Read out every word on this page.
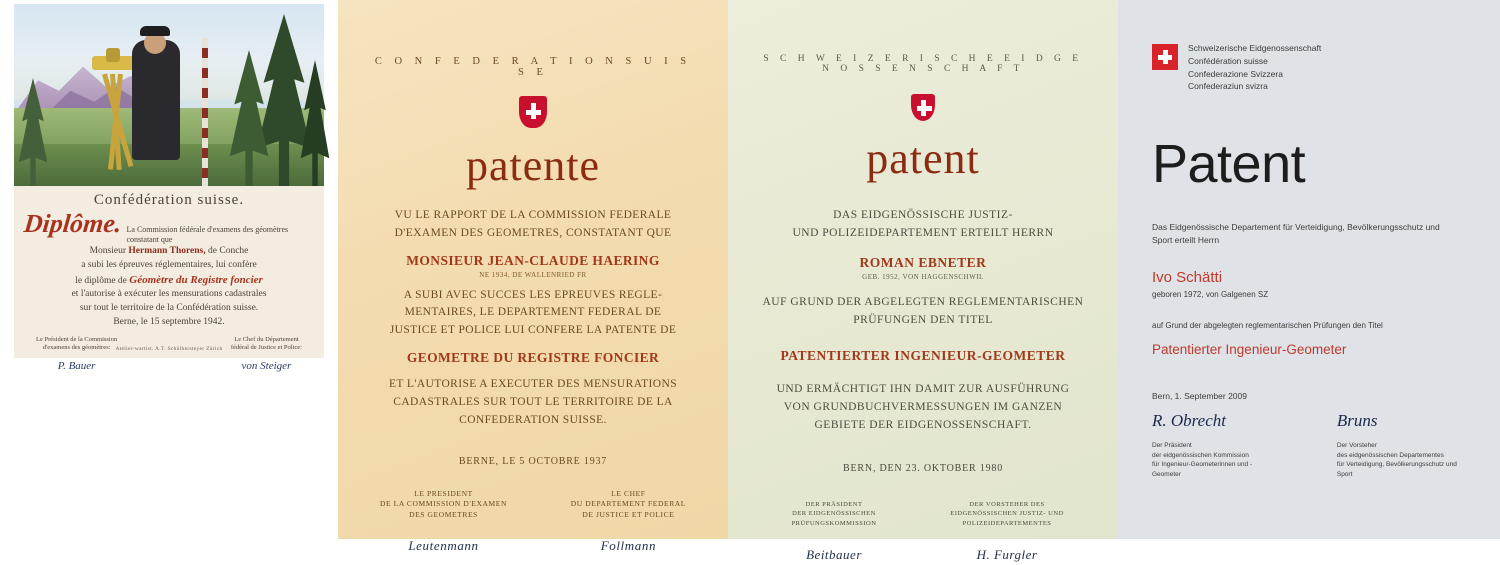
Confédération suisse.
Diplôme. La Commission fédérale d'examens des géomètres constatant que
Monsieur Hermann Thorens, de Conche
a subi les épreuves réglementaires, lui confère
le diplôme de Géomètre du Registre foncier
et l'autorise à exécuter les mensurations cadastrales
sur tout le territoire de la Confédération suisse.
Berne, le 15 septembre 1942.
Le Président de la Commission
d'examens des géomètres:
P. Bauer
Le Chef du Département
fédéral de Justice et Police:
von Steiger
Atelier-wartist. A.T. Schülhersteyer Zürich
C O N F E D E R A T I O N S U I S S E
patente
VU LE RAPPORT DE LA COMMISSION FEDERALE
D'EXAMEN DES GEOMETRES, CONSTATANT QUE
MONSIEUR JEAN-CLAUDE HAERING
NE 1934, DE WALLENRIED FR
A SUBI AVEC SUCCES LES EPREUVES REGLE-
MENTAIRES, LE DEPARTEMENT FEDERAL DE
JUSTICE ET POLICE LUI CONFERE LA PATENTE DE
GEOMETRE DU REGISTRE FONCIER
ET L'AUTORISE A EXECUTER DES MENSURATIONS
CADASTRALES SUR TOUT LE TERRITOIRE DE LA
CONFEDERATION SUISSE.
BERNE, LE 5 OCTOBRE 1937
LE PRESIDENT
DE LA COMMISSION D'EXAMEN
DES GEOMETRES
Leutenmann
LE CHEF
DU DEPARTEMENT FEDERAL
DE JUSTICE ET POLICE
Follmann
S C H W E I Z E R I S C H E E I D G E N O S S E N S C H A F T
patent
DAS EIDGENÖSSISCHE JUSTIZ-
UND POLIZEIDEPARTEMENT ERTEILT HERRN
ROMAN EBNETER
GEB. 1952, VON HAGGENSCHWIL
AUF GRUND DER ABGELEGTEN REGLEMENTARISCHEN
PRÜFUNGEN DEN TITEL
PATENTIERTER INGENIEUR-GEOMETER
UND ERMÄCHTIGT IHN DAMIT ZUR AUSFÜHRUNG
VON GRUNDBUCHVERMESSUNGEN IM GANZEN
GEBIETE DER EIDGENOSSENSCHAFT.
BERN, DEN 23. OKTOBER 1980
DER PRÄSIDENT
DER EIDGENÖSSISCHEN
PRÜFUNGSKOMMISSION
Beitbauer
DER VORSTEHER DES
EIDGENÖSSISCHEN JUSTIZ- UND
POLIZEIDEPARTEMENTES
H. Furgler
Schweizerische Eidgenossenschaft
Confédération suisse
Confederazione Svizzera
Confederaziun svizra
Patent
Das Eidgenössische Departement für Verteidigung, Bevölkerungsschutz und Sport erteilt Herrn
Ivo Schätti
geboren 1972, von Galgenen SZ
auf Grund der abgelegten reglementarischen Prüfungen den Titel
Patentierter Ingenieur-Geometer
Bern, 1. September 2009
R. Obrecht
Der Präsident
der eidgenössischen Kommission
für Ingenieur-Geometerinnen und -Geometer
Bruns
Der Vorsteher
des eidgenössischen Departementes
für Verteidigung, Bevölkerungsschutz und Sport
